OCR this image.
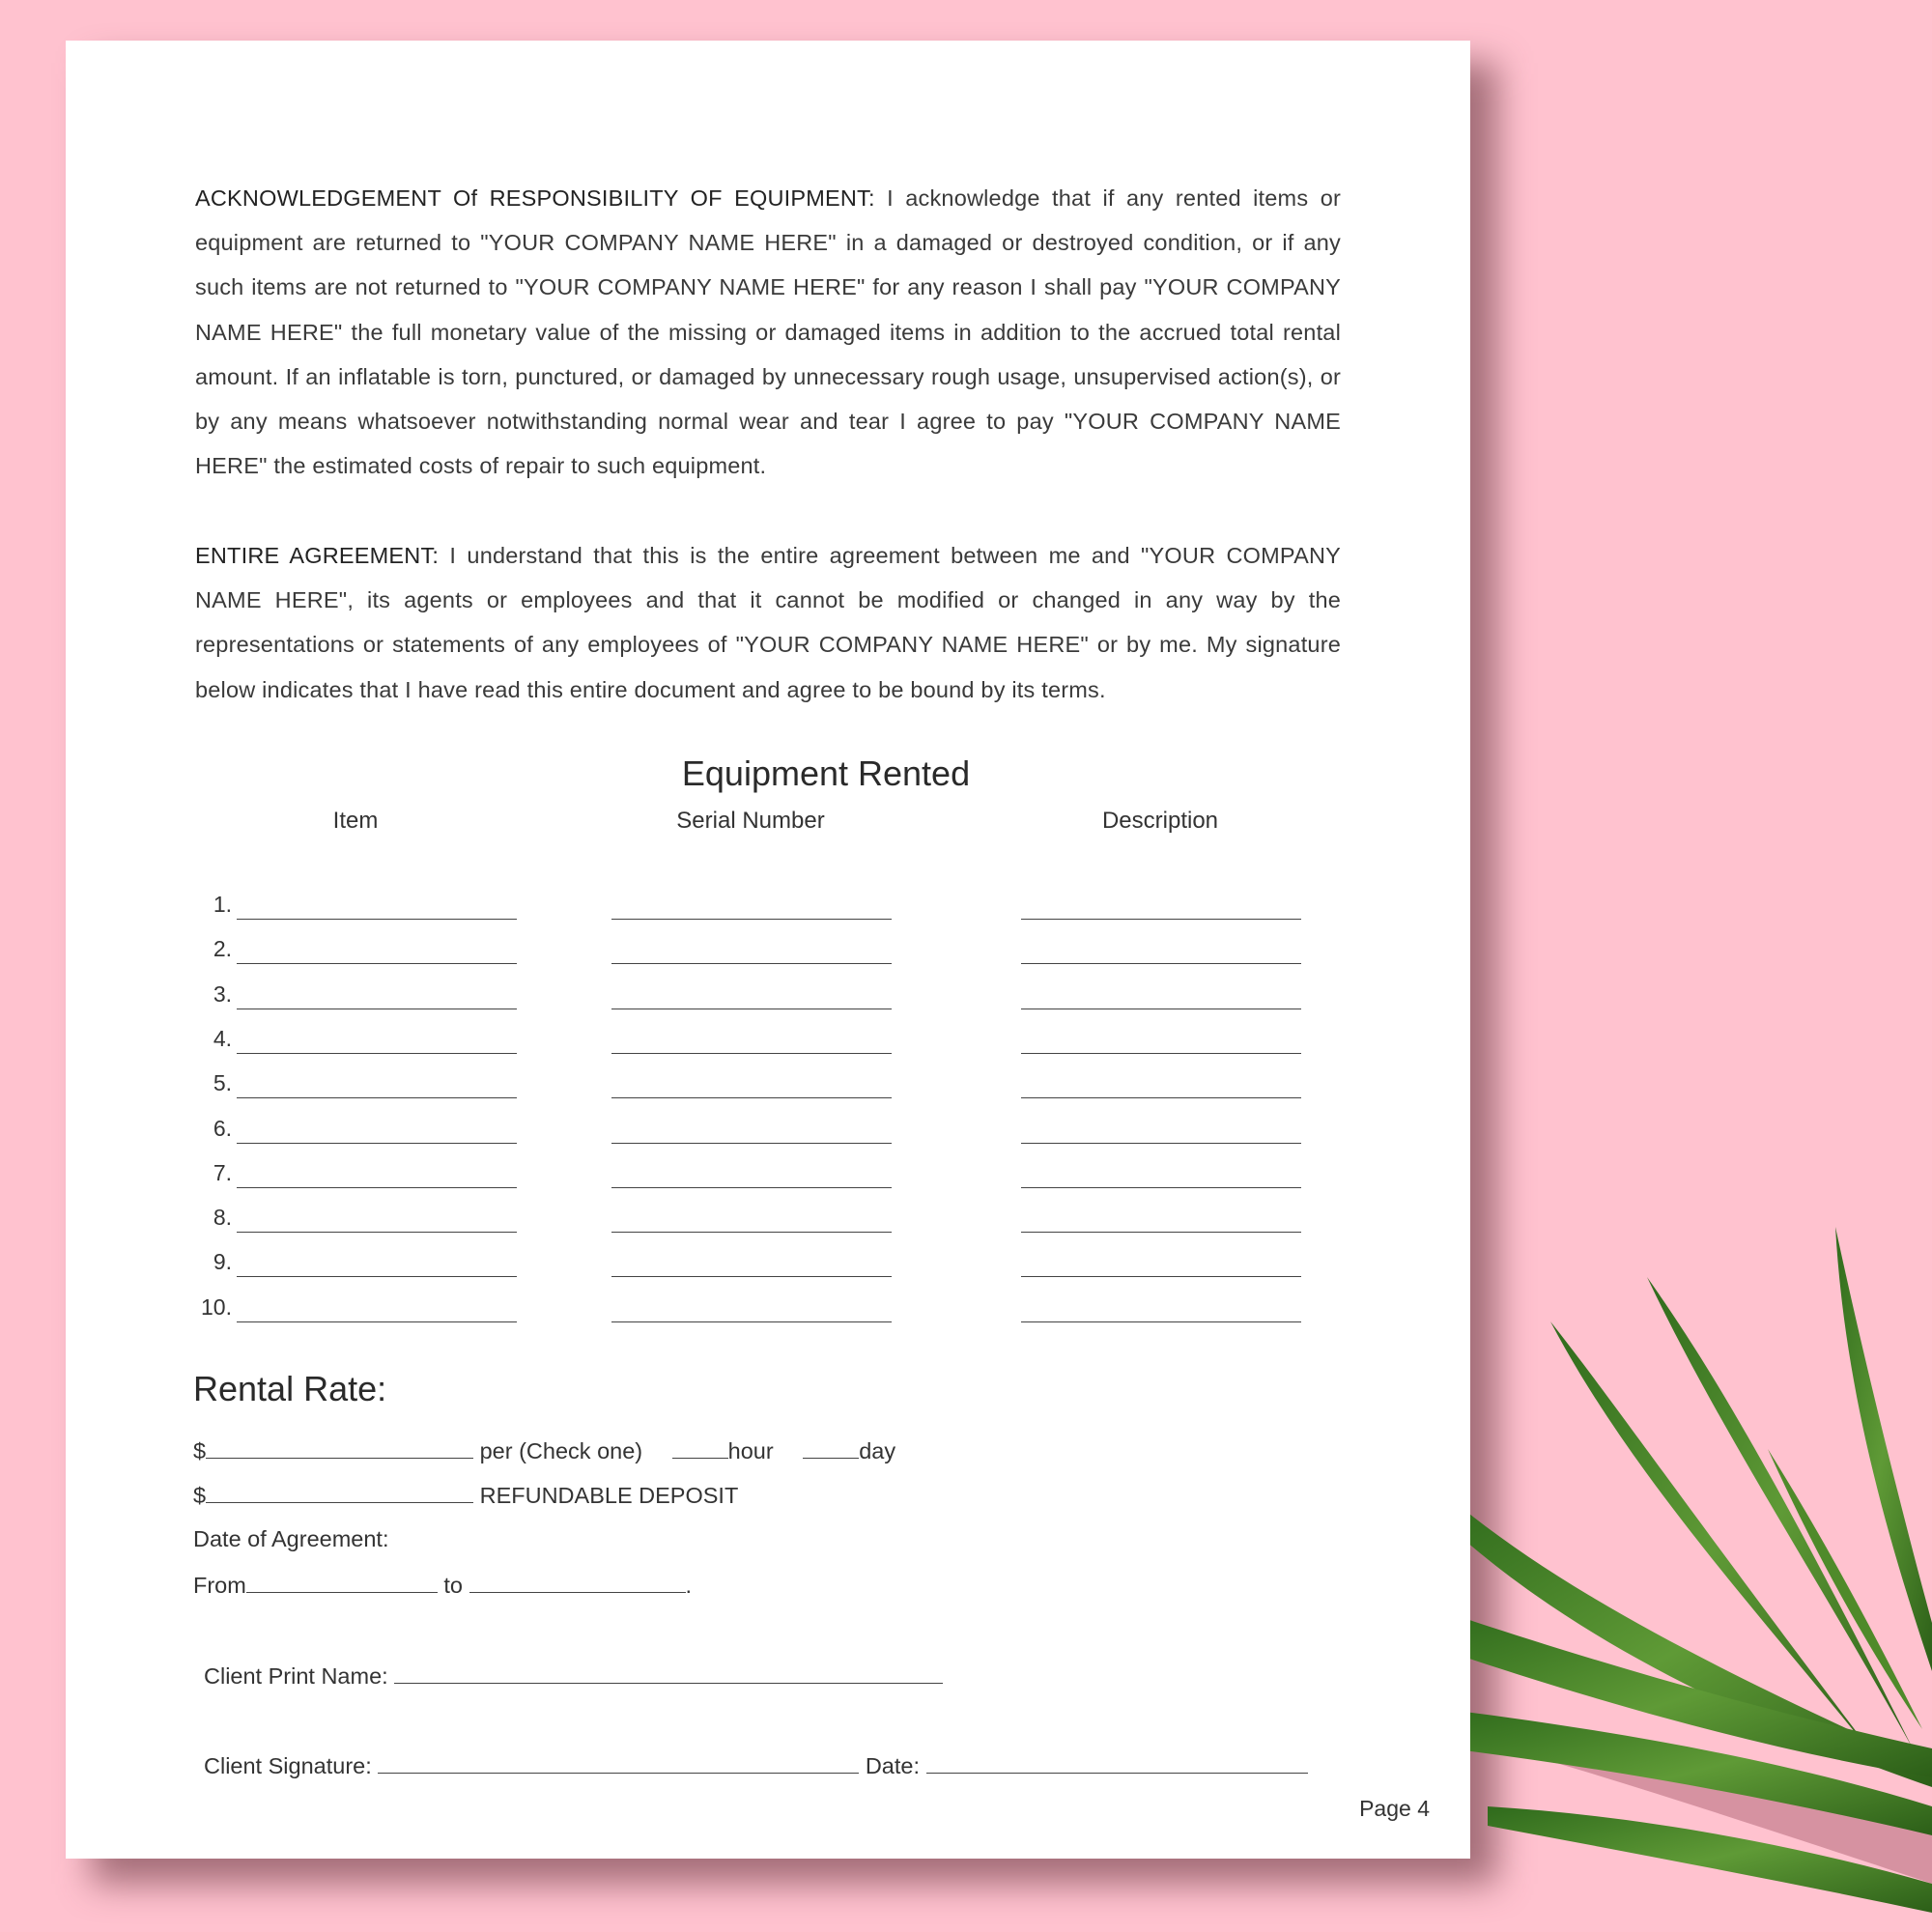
ACKNOWLEDGEMENT Of RESPONSIBILITY OF EQUIPMENT: I acknowledge that if any rented items or equipment are returned to "YOUR COMPANY NAME HERE" in a damaged or destroyed condition, or if any such items are not returned to "YOUR COMPANY NAME HERE" for any reason I shall pay "YOUR COMPANY NAME HERE" the full monetary value of the missing or damaged items in addition to the accrued total rental amount. If an inflatable is torn, punctured, or damaged by unnecessary rough usage, unsupervised action(s), or by any means whatsoever notwithstanding normal wear and tear I agree to pay "YOUR COMPANY NAME HERE" the estimated costs of repair to such equipment.
ENTIRE AGREEMENT: I understand that this is the entire agreement between me and "YOUR COMPANY NAME HERE", its agents or employees and that it cannot be modified or changed in any way by the representations or statements of any employees of "YOUR COMPANY NAME HERE" or by me. My signature below indicates that I have read this entire document and agree to be bound by its terms.
Equipment Rented
Item	Serial Number	Description
1.
2.
3.
4.
5.
6.
7.
8.
9.
10.
Rental Rate:
$	per (Check one)	hour	day
$	REFUNDABLE DEPOSIT
Date of Agreement:
From	to	.
Client Print Name:
Client Signature:	Date:
Page 4
